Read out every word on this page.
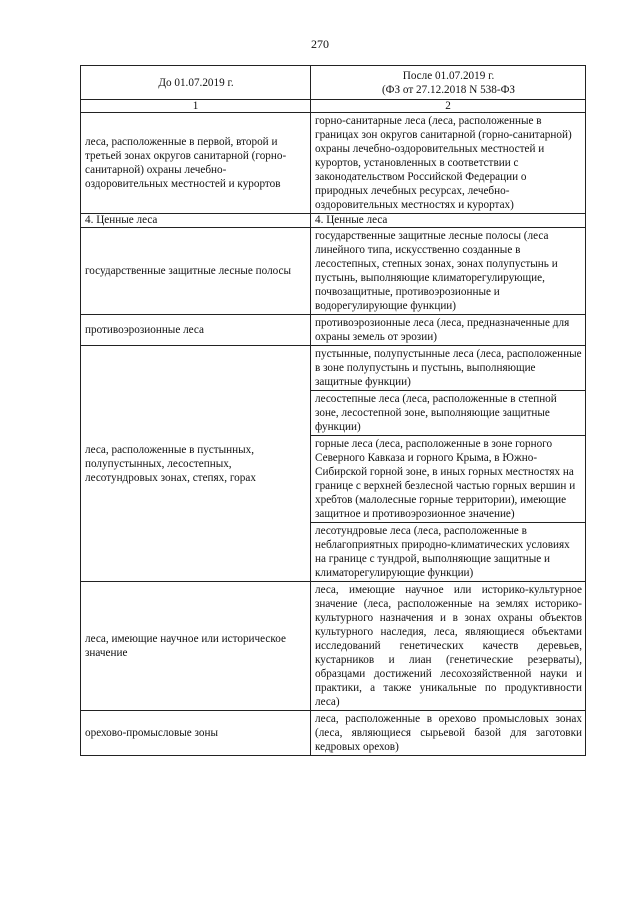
270
До 01.07.2019 г.	После 01.07.2019 г.
(ФЗ от 27.12.2018 N 538-ФЗ

1	2
леса, расположенные в первой, второй и третьей зонах округов санитарной (горно-санитарной) охраны лечебно-оздоровительных местностей и курортов	горно-санитарные леса (леса, расположенные в границах зон округов санитарной (горно-санитарной) охраны лечебно-оздоровительных местностей и курортов, установленных в соответствии с законодательством Российской Федерации о природных лечебных ресурсах, лечебно-оздоровительных местностях и курортах)
4. Ценные леса	4. Ценные леса
государственные защитные лесные полосы	государственные защитные лесные полосы (леса линейного типа, искусственно созданные в лесостепных, степных зонах, зонах полупустынь и пустынь, выполняющие климаторегулирующие, почвозащитные, противоэрозионные и водорегулирующие функции)
противоэрозионные леса	противоэрозионные леса (леса, предназначенные для охраны земель от эрозии)
леса, расположенные в пустынных, полупустынных, лесостепных, лесотундровых зонах, степях, горах	пустынные, полупустынные леса (леса, расположенные в зоне полупустынь и пустынь, выполняющие защитные функции)
	лесостепные леса (леса, расположенные в степной зоне, лесостепной зоне, выполняющие защитные функции)
	горные леса (леса, расположенные в зоне горного Северного Кавказа и горного Крыма, в Южно-Сибирской горной зоне, в иных горных местностях на границе с верхней безлесной частью горных вершин и хребтов (малолесные горные территории), имеющие защитное и противоэрозионное значение)
	лесотундровые леса (леса, расположенные в неблагоприятных природно-климатических условиях на границе с тундрой, выполняющие защитные и климаторегулирующие функции)
леса, имеющие научное или историческое значение	леса, имеющие научное или историко-культурное значение (леса, расположенные на землях историко-культурного назначения и в зонах охраны объектов культурного наследия, леса, являющиеся объектами исследований генетических качеств деревьев, кустарников и лиан (генетические резерваты), образцами достижений лесохозяйственной науки и практики, а также уникальные по продуктивности леса)
орехово-промысловые зоны	леса, расположенные в орехово промысловых зонах (леса, являющиеся сырьевой базой для заготовки кедровых орехов)
